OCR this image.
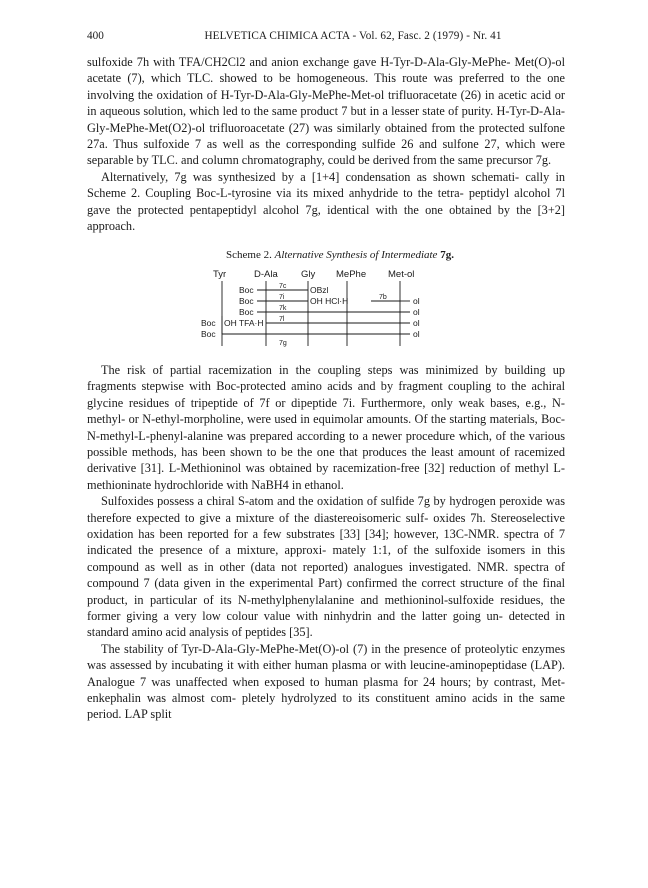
400	HELVETICA CHIMICA ACTA - Vol. 62, Fasc. 2 (1979) - Nr. 41

sulfoxide 7h with TFA/CH2Cl2 and anion exchange gave H-Tyr-D-Ala-Gly-MePhe- Met(O)-ol acetate (7), which TLC. showed to be homogeneous. This route was preferred to the one involving the oxidation of H-Tyr-D-Ala-Gly-MePhe-Met-ol trifluoracetate (26) in acetic acid or in aqueous solution, which led to the same product 7 but in a lesser state of purity. H-Tyr-D-Ala-Gly-MePhe-Met(O2)-ol trifluoroacetate (27) was similarly obtained from the protected sulfone 27a. Thus sulfoxide 7 as well as the corresponding sulfide 26 and sulfone 27, which were separable by TLC. and column chromatography, could be derived from the same precursor 7g.

Alternatively, 7g was synthesized by a [1+4] condensation as shown schemati- cally in Scheme 2. Coupling Boc-L-tyrosine via its mixed anhydride to the tetra- peptidyl alcohol 7l gave the protected pentapeptidyl alcohol 7g, identical with the one obtained by the [3+2] approach.

Scheme 2. Alternative Synthesis of Intermediate 7g.
Tyr	D-Ala Gly MePhe Met-ol
7c
7i	7b
7k
7l
7g
Boc	OBzl
Boc	OH HCl·H	ol
Boc	ol
Boc OH TFA·H	ol
Boc	ol

The risk of partial racemization in the coupling steps was minimized by building up fragments stepwise with Boc-protected amino acids and by fragment coupling to the achiral glycine residues of tripeptide of 7f or dipeptide 7i. Furthermore, only weak bases, e.g., N-methyl- or N-ethyl-morpholine, were used in equimolar amounts. Of the starting materials, Boc-N-methyl-L-phenyl-alanine was prepared according to a newer procedure which, of the various possible methods, has been shown to be the one that produces the least amount of racemized derivative [31]. L-Methioninol was obtained by racemization-free [32] reduction of methyl L-methioninate hydrochloride with NaBH4 in ethanol.

Sulfoxides possess a chiral S-atom and the oxidation of sulfide 7g by hydrogen peroxide was therefore expected to give a mixture of the diastereoisomeric sulf- oxides 7h. Stereoselective oxidation has been reported for a few substrates [33] [34]; however, 13C-NMR. spectra of 7 indicated the presence of a mixture, approxi- mately 1:1, of the sulfoxide isomers in this compound as well as in other (data not reported) analogues investigated. NMR. spectra of compound 7 (data given in the experimental Part) confirmed the correct structure of the final product, in particular of its N-methylphenylalanine and methioninol-sulfoxide residues, the former giving a very low colour value with ninhydrin and the latter going un- detected in standard amino acid analysis of peptides [35].

The stability of Tyr-D-Ala-Gly-MePhe-Met(O)-ol (7) in the presence of proteolytic enzymes was assessed by incubating it with either human plasma or with leucine-aminopeptidase (LAP). Analogue 7 was unaffected when exposed to human plasma for 24 hours; by contrast, Met-enkephalin was almost com- pletely hydrolyzed to its constituent amino acids in the same period. LAP split
